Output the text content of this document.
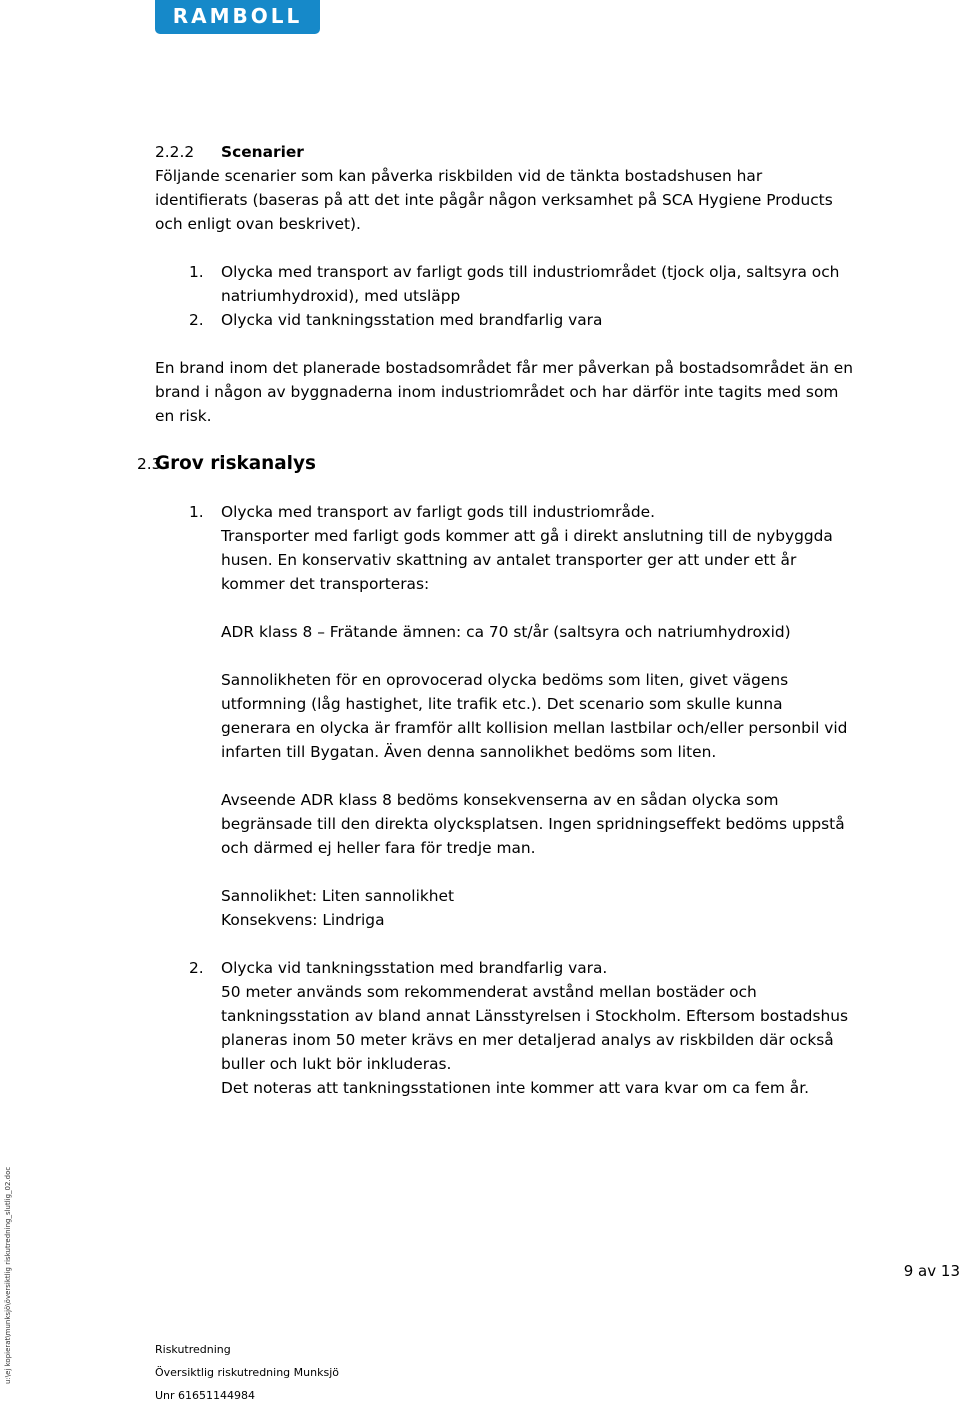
RAMBOLL
2.2.2 Scenarier

Följande scenarier som kan påverka riskbilden vid de tänkta bostadshusen har identifierats (baseras på att det inte pågår någon verksamhet på SCA Hygiene Products och enligt ovan beskrivet).

1. Olycka med transport av farligt gods till industriområdet (tjock olja, saltsyra och natriumhydroxid), med utsläpp
2. Olycka vid tankningsstation med brandfarlig vara

En brand inom det planerade bostadsområdet får mer påverkan på bostadsområdet än en brand i någon av byggnaderna inom industriområdet och har därför inte tagits med som en risk.

2.3
Grov riskanalys
1. Olycka med transport av farligt gods till industriområde.
Transporter med farligt gods kommer att gå i direkt anslutning till de nybyggda husen. En konservativ skattning av antalet transporter ger att under ett år kommer det transporteras:
ADR klass 8 – Frätande ämnen: ca 70 st/år (saltsyra och natriumhydroxid)
Sannolikheten för en oprovocerad olycka bedöms som liten, givet vägens utformning (låg hastighet, lite trafik etc.). Det scenario som skulle kunna generara en olycka är framför allt kollision mellan lastbilar och/eller personbil vid infarten till Bygatan. Även denna sannolikhet bedöms som liten.
Avseende ADR klass 8 bedöms konsekvenserna av en sådan olycka som begränsade till den direkta olycksplatsen. Ingen spridningseffekt bedöms uppstå och därmed ej heller fara för tredje man.
Sannolikhet: Liten sannolikhet
Konsekvens: Lindriga
2. Olycka vid tankningsstation med brandfarlig vara.
50 meter används som rekommenderat avstånd mellan bostäder och tankningsstation av bland annat Länsstyrelsen i Stockholm. Eftersom bostadshus planeras inom 50 meter krävs en mer detaljerad analys av riskbilden där också buller och lukt bör inkluderas.
Det noteras att tankningsstationen inte kommer att vara kvar om ca fem år.
u:\ej kopierat\munksjö\översiktlig riskutredning_slutlig_02.doc	9 av 13
Riskutredning
Översiktlig riskutredning Munksjö
Unr 61651144984
